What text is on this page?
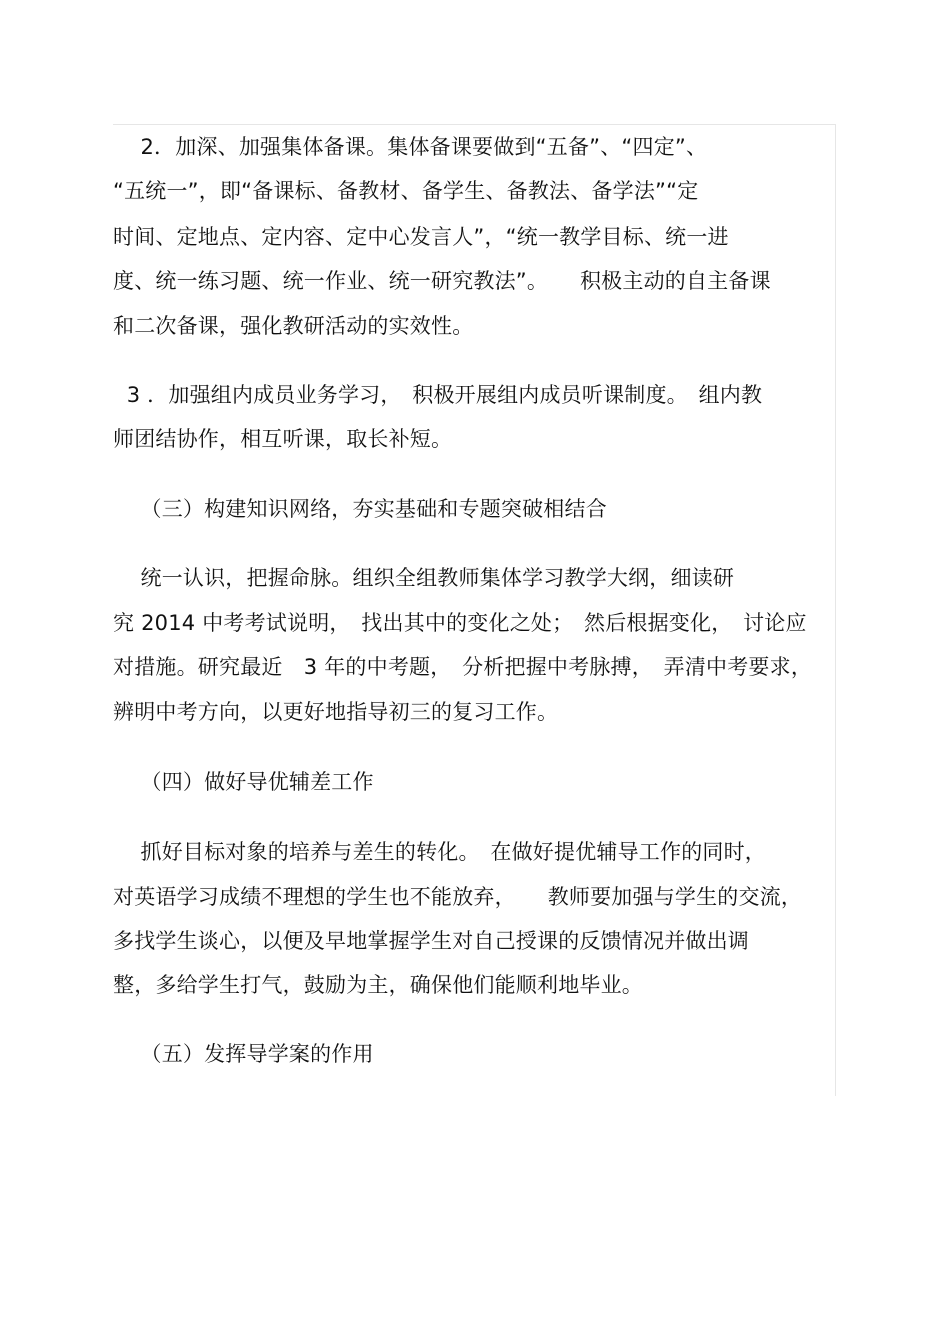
2．加深、加强集体备课。集体备课要做到“五备”、“四定”、
“五统一”，即“备课标、备教材、备学生、备教法、备学法”“定
时间、定地点、定内容、定中心发言人”，“统一教学目标、统一进
度、统一练习题、统一作业、统一研究教法”。　　积极主动的自主备课
和二次备课，强化教研活动的实效性。
3 ．加强组内成员业务学习，　积极开展组内成员听课制度。　组内教
师团结协作，相互听课，取长补短。
（三）构建知识网络，夯实基础和专题突破相结合
统一认识，把握命脉。组织全组教师集体学习教学大纲，细读研
究 2014 中考考试说明，　找出其中的变化之处；　然后根据变化，　讨论应
对措施。研究最近　3 年的中考题，　分析把握中考脉搏，　弄清中考要求，
辨明中考方向，以更好地指导初三的复习工作。
（四）做好导优辅差工作
抓好目标对象的培养与差生的转化。　在做好提优辅导工作的同时，
对英语学习成绩不理想的学生也不能放弃，　　教师要加强与学生的交流，
多找学生谈心，以便及早地掌握学生对自己授课的反馈情况并做出调
整，多给学生打气，鼓励为主，确保他们能顺利地毕业。
（五）发挥导学案的作用
